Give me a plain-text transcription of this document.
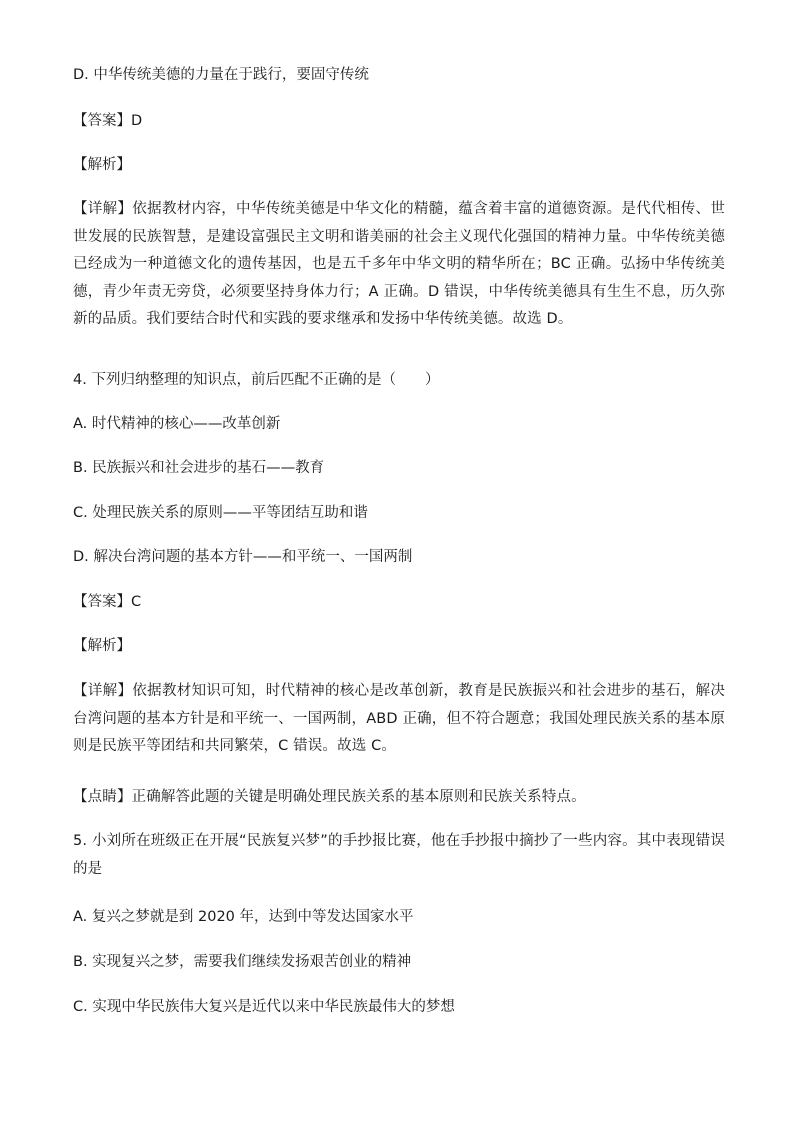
D. 中华传统美德的力量在于践行，要固守传统
【答案】D
【解析】
【详解】依据教材内容，中华传统美德是中华文化的精髓，蕴含着丰富的道德资源。是代代相传、世世发展的民族智慧，是建设富强民主文明和谐美丽的社会主义现代化强国的精神力量。中华传统美德已经成为一种道德文化的遗传基因，也是五千多年中华文明的精华所在；BC 正确。弘扬中华传统美德，青少年责无旁贷，必须要坚持身体力行；A 正确。D 错误，中华传统美德具有生生不息，历久弥新的品质。我们要结合时代和实践的要求继承和发扬中华传统美德。故选 D。
4. 下列归纳整理的知识点，前后匹配不正确的是（　　）
A. 时代精神的核心——改革创新
B. 民族振兴和社会进步的基石——教育
C. 处理民族关系的原则——平等团结互助和谐
D. 解决台湾问题的基本方针——和平统一、一国两制
【答案】C
【解析】
【详解】依据教材知识可知，时代精神的核心是改革创新，教育是民族振兴和社会进步的基石，解决台湾问题的基本方针是和平统一、一国两制，ABD 正确，但不符合题意；我国处理民族关系的基本原则是民族平等团结和共同繁荣，C 错误。故选 C。
【点睛】正确解答此题的关键是明确处理民族关系的基本原则和民族关系特点。
5. 小刘所在班级正在开展“民族复兴梦”的手抄报比赛，他在手抄报中摘抄了一些内容。其中表现错误的是
A. 复兴之梦就是到 2020 年，达到中等发达国家水平
B. 实现复兴之梦，需要我们继续发扬艰苦创业的精神
C. 实现中华民族伟大复兴是近代以来中华民族最伟大的梦想
